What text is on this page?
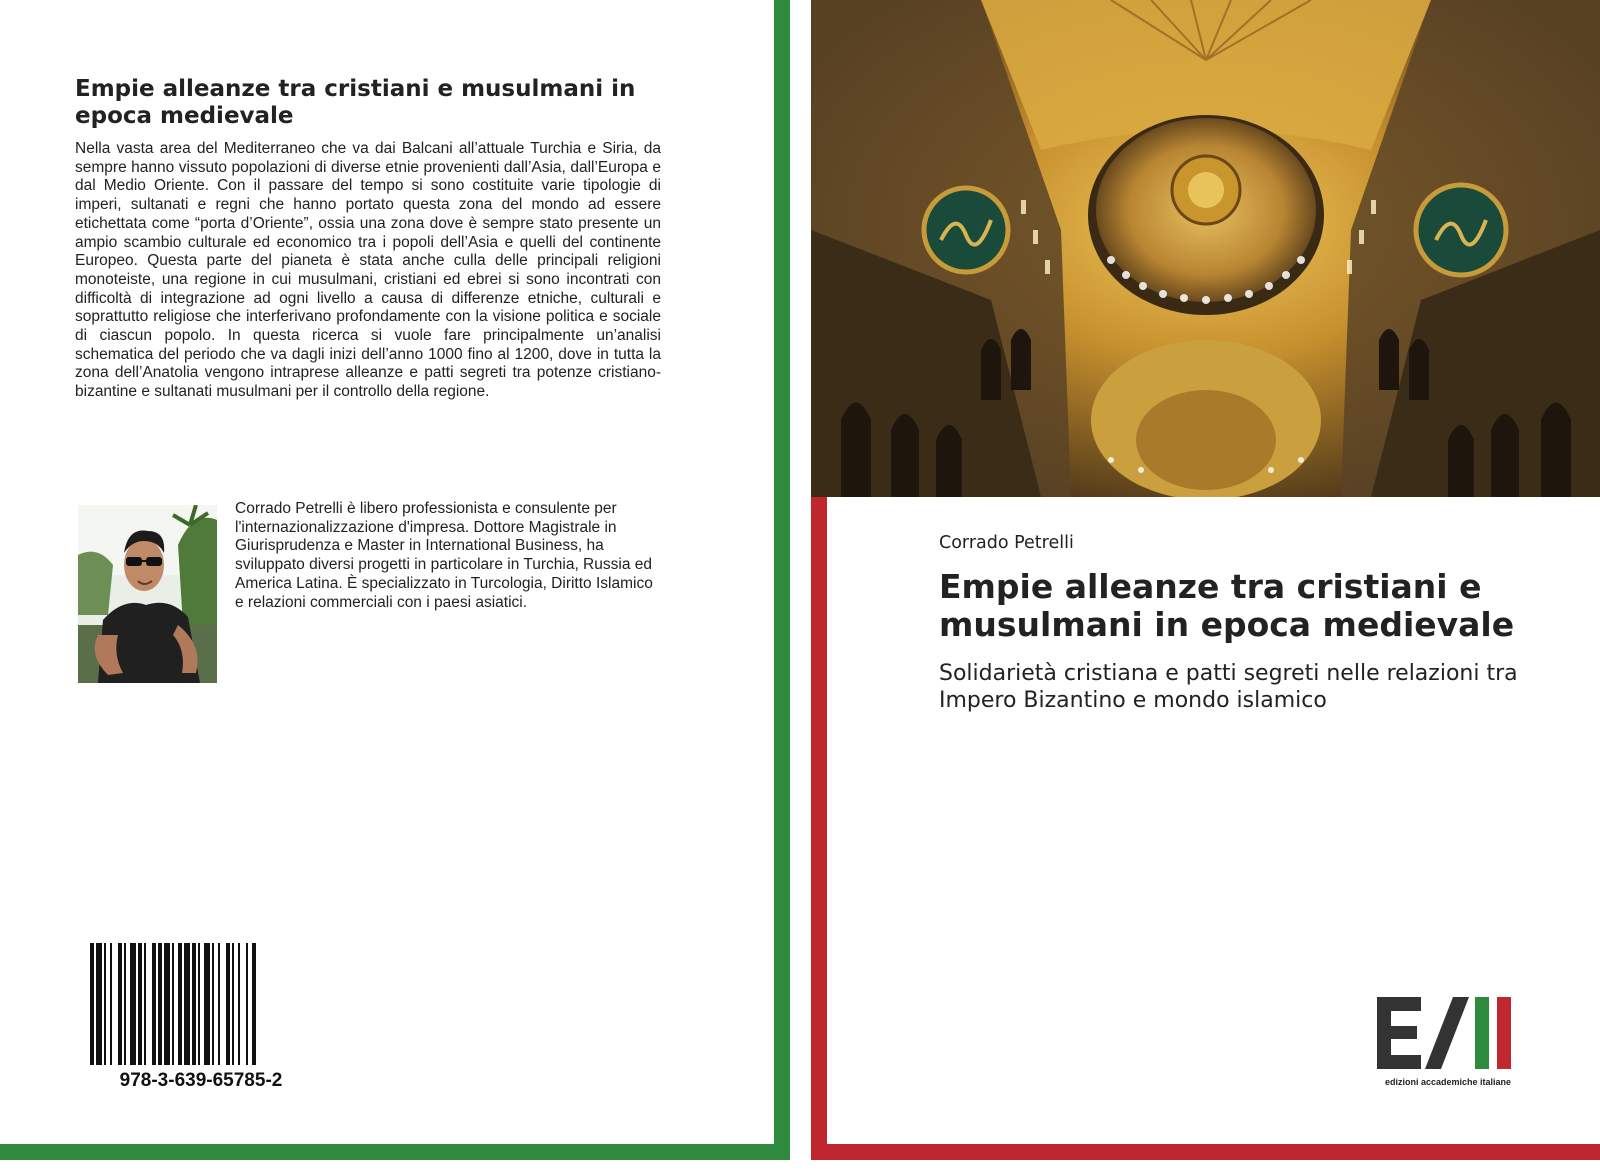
Empie alleanze tra cristiani e musulmani in epoca medievale
Nella vasta area del Mediterraneo che va dai Balcani all’attuale Turchia e Siria, da sempre hanno vissuto popolazioni di diverse etnie provenienti dall’Asia, dall’Europa e dal Medio Oriente. Con il passare del tempo si sono costituite varie tipologie di imperi, sultanati e regni che hanno portato questa zona del mondo ad essere etichettata come “porta d’Oriente”, ossia una zona dove è sempre stato presente un ampio scambio culturale ed economico tra i popoli dell’Asia e quelli del continente Europeo. Questa parte del pianeta è stata anche culla delle principali religioni monoteiste, una regione in cui musulmani, cristiani ed ebrei si sono incontrati con difficoltà di integrazione ad ogni livello a causa di differenze etniche, culturali e soprattutto religiose che interferivano profondamente con la visione politica e sociale di ciascun popolo. In questa ricerca si vuole fare principalmente un’analisi schematica del periodo che va dagli inizi dell’anno 1000 fino al 1200, dove in tutta la zona dell’Anatolia vengono intraprese alleanze e patti segreti tra potenze cristiano-bizantine e sultanati musulmani per il controllo della regione.
Corrado Petrelli è libero professionista e consulente per l'internazionalizzazione d'impresa. Dottore Magistrale in Giurisprudenza e Master in International Business, ha sviluppato diversi progetti in particolare in Turchia, Russia ed America Latina. È specializzato in Turcologia, Diritto Islamico e relazioni commerciali con i paesi asiatici.
978-3-639-65785-2
Corrado Petrelli
Empie alleanze tra cristiani e musulmani in epoca medievale
Solidarietà cristiana e patti segreti nelle relazioni tra Impero Bizantino e mondo islamico
edizioni accademiche italiane
